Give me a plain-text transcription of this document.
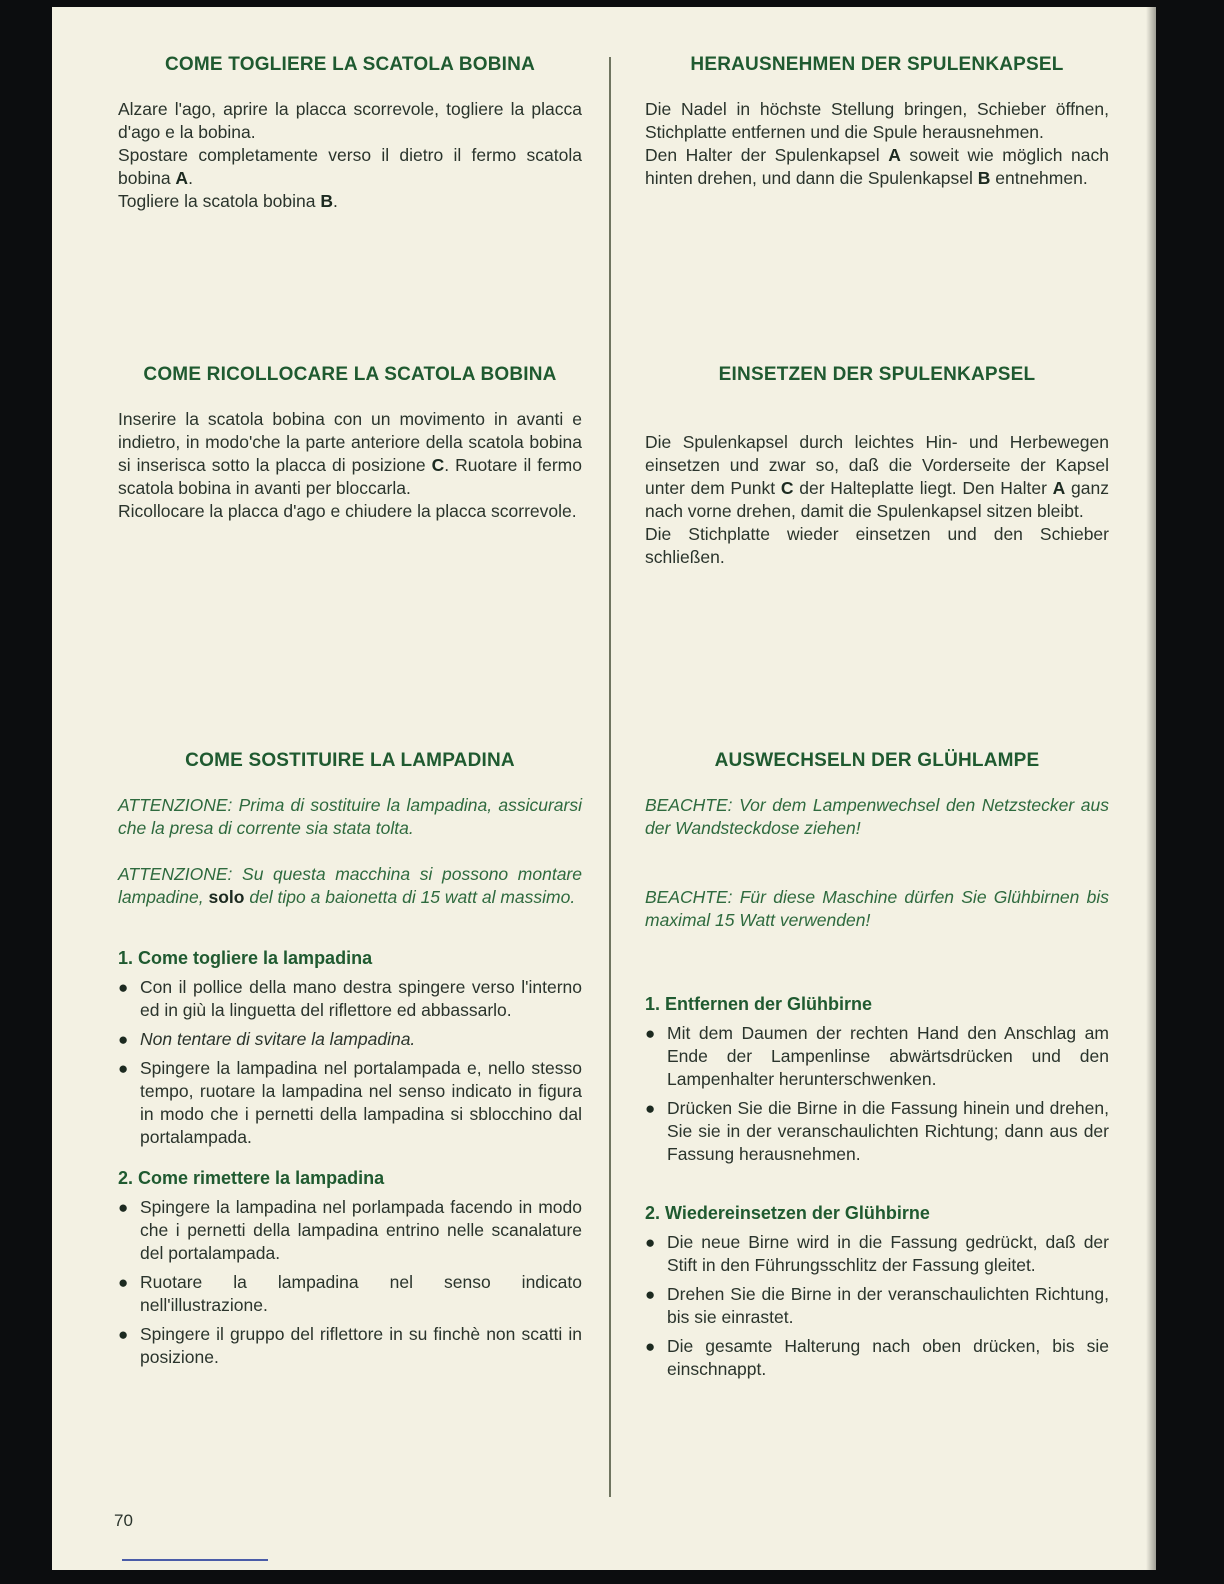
COME TOGLIERE LA SCATOLA BOBINA

Alzare l'ago, aprire la placca scorrevole, togliere la placca d'ago e la bobina.

Spostare completamente verso il dietro il fermo scatola bobina A.

Togliere la scatola bobina B.

COME RICOLLOCARE LA SCATOLA BOBINA

Inserire la scatola bobina con un movimento in avanti e indietro, in modo'che la parte anteriore della scatola bobina si inserisca sotto la placca di posizione C. Ruotare il fermo scatola bobina in avanti per bloccarla.

Ricollocare la placca d'ago e chiudere la placca scorrevole.

COME SOSTITUIRE LA LAMPADINA

ATTENZIONE: Prima di sostituire la lampadina, assicurarsi che la presa di corrente sia stata tolta.

ATTENZIONE: Su questa macchina si possono montare lampadine, solo del tipo a baionetta di 15 watt al massimo.

1. Come togliere la lampadina
● Con il pollice della mano destra spingere verso l'interno ed in giù la linguetta del riflettore ed abbassarlo.
● Non tentare di svitare la lampadina.
● Spingere la lampadina nel portalampada e, nello stesso tempo, ruotare la lampadina nel senso indicato in figura in modo che i pernetti della lampadina si sblocchino dal portalampada.
2. Come rimettere la lampadina
● Spingere la lampadina nel porlampada facendo in modo che i pernetti della lampadina entrino nelle scanalature del portalampada.
● Ruotare la lampadina nel senso indicato nell'illustrazione.
● Spingere il gruppo del riflettore in su finchè non scatti in posizione.
HERAUSNEHMEN DER SPULENKAPSEL

Die Nadel in höchste Stellung bringen, Schieber öffnen, Stichplatte entfernen und die Spule herausnehmen.

Den Halter der Spulenkapsel A soweit wie möglich nach hinten drehen, und dann die Spulenkapsel B entnehmen.

EINSETZEN DER SPULENKAPSEL

Die Spulenkapsel durch leichtes Hin- und Herbewegen einsetzen und zwar so, daß die Vorderseite der Kapsel unter dem Punkt C der Halteplatte liegt. Den Halter A ganz nach vorne drehen, damit die Spulenkapsel sitzen bleibt.

Die Stichplatte wieder einsetzen und den Schieber schließen.

AUSWECHSELN DER GLÜHLAMPE

BEACHTE: Vor dem Lampenwechsel den Netzstecker aus der Wandsteckdose ziehen!

BEACHTE: Für diese Maschine dürfen Sie Glühbirnen bis maximal 15 Watt verwenden!

1. Entfernen der Glühbirne
● Mit dem Daumen der rechten Hand den Anschlag am Ende der Lampenlinse abwärtsdrücken und den Lampenhalter herunterschwenken.
● Drücken Sie die Birne in die Fassung hinein und drehen, Sie sie in der veranschaulichten Richtung; dann aus der Fassung herausnehmen.
2. Wiedereinsetzen der Glühbirne
● Die neue Birne wird in die Fassung gedrückt, daß der Stift in den Führungsschlitz der Fassung gleitet.
● Drehen Sie die Birne in der veranschaulichten Richtung, bis sie einrastet.
● Die gesamte Halterung nach oben drücken, bis sie einschnappt.
70
